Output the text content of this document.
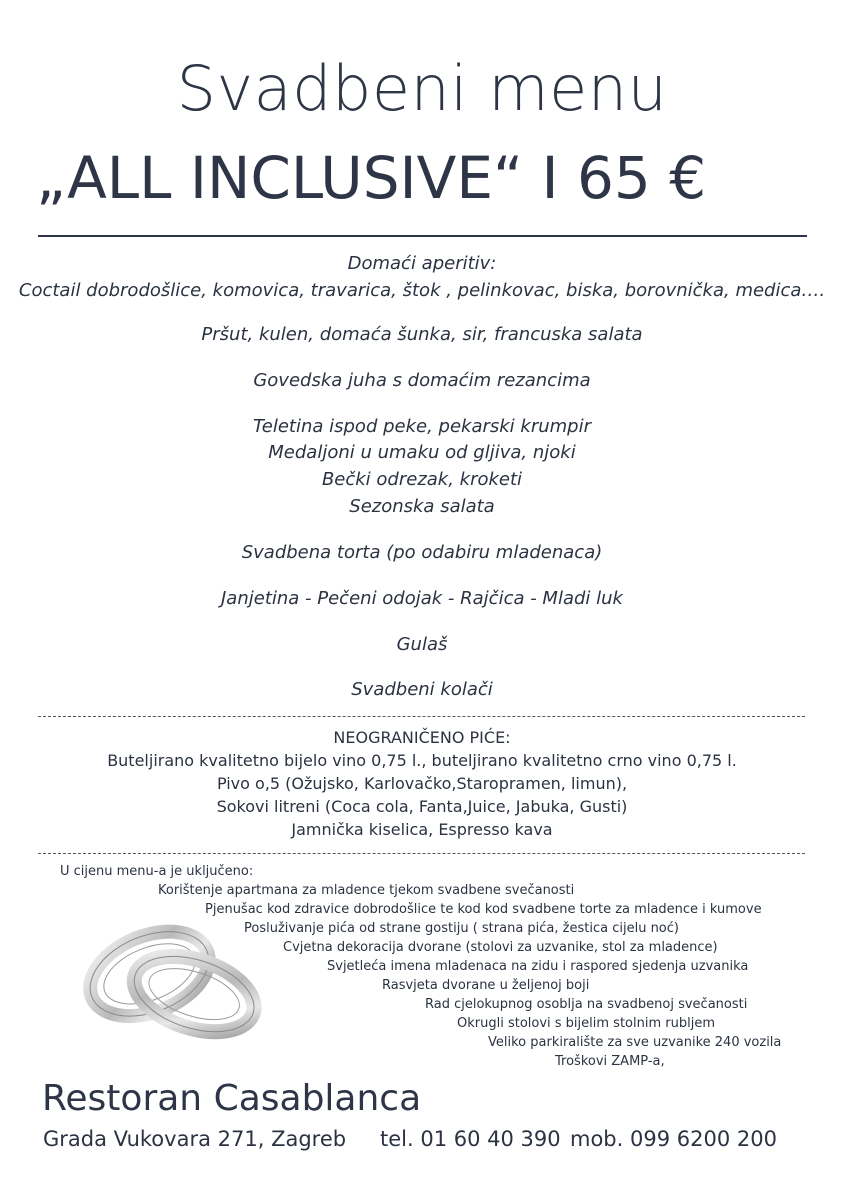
Svadbeni menu
„ALL INCLUSIVE“ I 65 €
Domaći aperitiv:
Coctail dobrodošlice, komovica, travarica, štok , pelinkovac, biska, borovnička, medica….
Pršut, kulen, domaća šunka, sir, francuska salata
Govedska juha s domaćim rezancima
Teletina ispod peke, pekarski krumpir
Medaljoni u umaku od gljiva, njoki
Bečki odrezak, kroketi
Sezonska salata
Svadbena torta (po odabiru mladenaca)
Janjetina - Pečeni odojak - Rajčica - Mladi luk
Gulaš
Svadbeni kolači
NEOGRANIČENO PIĆE:
Buteljirano kvalitetno bijelo vino 0,75 l., buteljirano kvalitetno crno vino 0,75 l.
Pivo o,5 (Ožujsko, Karlovačko,Staropramen, limun),
Sokovi litreni (Coca cola, Fanta,Juice, Jabuka, Gusti)
Jamnička kiselica, Espresso kava
U cijenu menu-a je uključeno:
Korištenje apartmana za mladence tjekom svadbene svečanosti
Pjenušac kod zdravice dobrodošlice te kod kod svadbene torte za mladence i kumove
Posluživanje pića od strane gostiju ( strana pića, žestica cijelu noć)
Cvjetna dekoracija dvorane (stolovi za uzvanike, stol za mladence)
Svjetleća imena mladenaca na zidu i raspored sjedenja uzvanika
Rasvjeta dvorane u željenoj boji
Rad cjelokupnog osoblja na svadbenoj svečanosti
Okrugli stolovi s bijelim stolnim rubljem
Veliko parkiralište za sve uzvanike 240 vozila
Troškovi ZAMP-a,
Restoran Casablanca
Grada Vukovara 271, Zagreb tel. 01 60 40 390 mob. 099 6200 200
